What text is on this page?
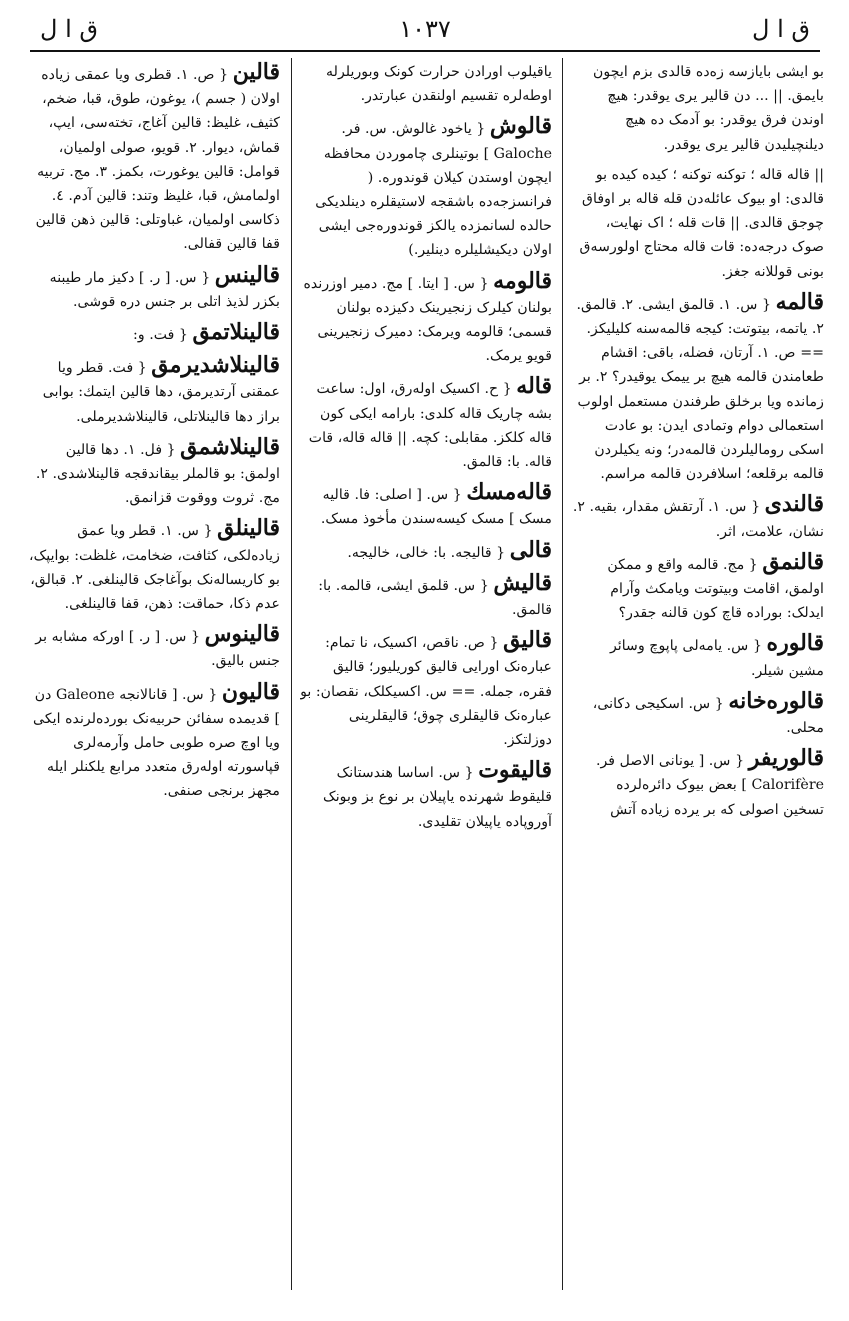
ق ا ل	١٠٣٧	ق ا ل
بو ایشی بایازسه زەدە قالدی بزم ایچون بایمق. || ... دن قالیر یری یوقدر: هیچ اوندن فرق یوقدر: بو آدمک دە هیچ دیلنچیلیدن قالیر یری یوقدر.
|| قاله قاله ؛ توکنه توکنه ؛ کیدە کیدە بو قالدی: او بیوک عائلەدن قله قاله بر اوفاق چوجق قالدی. || قات قله ؛ اک نهایت، صوک درجەدە: قات قاله محتاج اولورسەق بونی قوللانه جغز.
قالمه { س. ١. قالمق ایشی. ٢. قالمق. ٢. یاتمه، بیتوتت: کیجه قالمەسنه کلیلیکز. == ص. ١. آرتان، فضله، باقی: اقشام طعامندن قالمه هیچ بر ییمک یوقیدر؟ ٢. بر زماندە ویا برخلق طرفندن مستعمل اولوب استعمالی دوام وتمادی ایدن: بو عادت اسکی رومالیلردن قالمەدر؛ ونه یکیلردن قالمه برقلعه؛ اسلافردن قالمه مراسم.
قالندی { س. ١. آرتقش مقدار، بقیه. ٢. نشان، علامت، اثر.
قالنمق { مج. قالمه واقع و ممکن اولمق، اقامت وبیتوتت ویامکث وآرام ایدلک: بورادە قاچ کون قالنه جقدر؟
قالوره { س. یامەلی پاپوچ وسائر مشین شیلر.
قالورەخانه { س. اسکیجی دکانی، محلی.
قالوریفر { س. [ یونانی الاصل فر. Calorifère ] بعض بیوک دائرەلردە تسخین اصولی که بر یردە زیادە آتش
یاقیلوب اورادن حرارت کونک وبوریلرله اوطەلرە تقسیم اولنقدن عبارتدر.
قالوش { یاخود غالوش. س. فر. Galoche ] بوتینلری چاموردن محافظه ایچون اوستدن کیلان قوندورە. ( فرانسزجەدە باشقجه لاستیقلرە دینلدیکی حالدە لسانمزدە یالکز قوندورەجی ایشی اولان دیکیشلیلرە دینلیر.)
قالومه { س. [ ایتا. ] مج. دمیر اوزرندە بولنان کیلرک زنجیرینک دکیزدە بولنان قسمی؛ قالومه ویرمک: دمیرک زنجیرینی قویو یرمک.
قاله { ح. اکسیک اولەرق، اول: ساعت بشه چاریک قاله کلدی: بارامه ایکی کون قاله کلکز. مقابلی: کچه. || قاله قاله، قات قاله. با: قالمق.
قالەمسك { س. [ اصلی: فا. قالیه مسک ] مسک کیسەسندن مأخوذ مسک.
قالی { قالیجه. با: خالی، خالیجه.
قالیش { س. قلمق ایشی، قالمه. با: قالمق.
قالیق { ص. ناقص، اکسیک، نا تمام: عبارەنک اورایی قالیق کوریلیور؛ قالیق فقره، جمله. == س. اکسیکلک، نقصان: بو عبارەنک قالیقلری چوق؛ قالیقلرینی دوزلتکز.
قالیقوت { س. اساسا هندستانک قلیقوط شهرندە یاپیلان بر نوع بز وبونک آوروپادە یاپیلان تقلیدی.
قالین { ص. ١. قطری ویا عمقی زیادە اولان ( جسم )، یوغون، طوق، قبا، ضخم، کثیف، غلیظ: قالین آغاج، تختەسی، ایپ، قماش، دیوار. ٢. قویو، صولی اولمیان، قوامل: قالین یوغورت، بکمز. ٣. مج. تربیه اولمامش، قبا، غلیظ وتند: قالین آدم. ٤. ذکاسی اولمیان، غباوتلی: قالین ذهن قالین قفا قالین قفالی.
قالینس { س. [ ر. ] دکیز مار طیبنه بکزر لذیذ اتلی بر جنس درە قوشی.
قالینلاتمق { فت. و:
قالینلاشدیرمق { فت. قطر ویا عمقنی آرتدیرمق، دها قالین ایتمك: بوابی براز دها قالینلاتلی، قالینلاشدیرملی.
قالینلاشمق { فل. ١. دها قالین اولمق: بو قالملر بیقاندقجه قالینلاشدی. ٢. مج. ثروت ووقوت قزانمق.
قالینلق { س. ١. قطر ویا عمق زیادەلکی، کثافت، ضخامت، غلظت: بوایپک، بو کاریسالەنک بوآغاجک قالینلغی. ٢. قبالق، عدم ذکا، حماقت: ذهن، قفا قالینلغی.
قالینوس { س. [ ر. ] اورکه مشابه بر جنس بالیق.
قالیون { س. [ قانالانجه Galeone دن ] قدیمده سفائن حربیەنک بوردەلرندە ایکی ویا اوچ صره طوبی حامل وآرمەلری قپاسورته اولەرق متعدد مرابع یلکنلر ایله مجهز برنجی صنفی.
